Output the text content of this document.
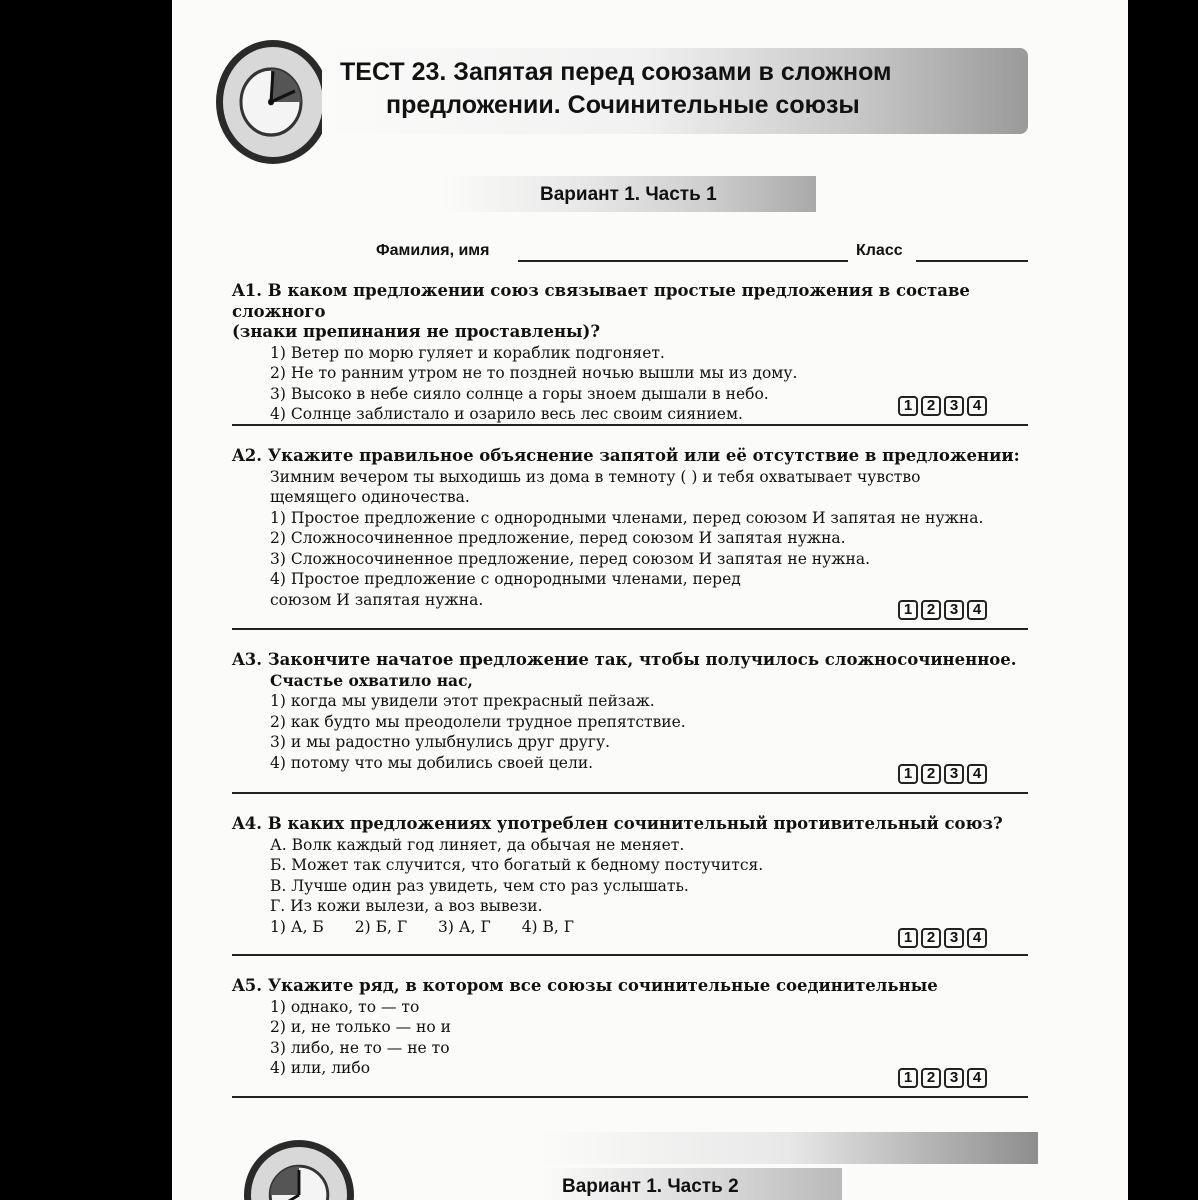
ТЕСТ 23. Запятая перед союзами в сложном
предложении. Сочинительные союзы
Вариант 1. Часть 1
Фамилия, имя	Класс
A1. В каком предложении союз связывает простые предложения в составе сложного
(знаки препинания не проставлены)?
1) Ветер по морю гуляет и кораблик подгоняет.
2) Не то ранним утром не то поздней ночью вышли мы из дому.
3) Высоко в небе сияло солнце а горы зноем дышали в небо.
4) Солнце заблистало и озарило весь лес своим сиянием.	1 2 3 4
A2. Укажите правильное объяснение запятой или её отсутствие в предложении:
Зимним вечером ты выходишь из дома в темноту ( ) и тебя охватывает чувство
щемящего одиночества.
1) Простое предложение с однородными членами, перед союзом И запятая не нужна.
2) Сложносочиненное предложение, перед союзом И запятая нужна.
3) Сложносочиненное предложение, перед союзом И запятая не нужна.
4) Простое предложение с однородными членами, перед
союзом И запятая нужна.
1 2 3 4
A3. Закончите начатое предложение так, чтобы получилось сложносочиненное.
Счастье охватило нас,
1) когда мы увидели этот прекрасный пейзаж.
2) как будто мы преодолели трудное препятствие.
3) и мы радостно улыбнулись друг другу.
4) потому что мы добились своей цели.
1 2 3 4
A4. В каких предложениях употреблен сочинительный противительный союз?
А. Волк каждый год линяет, да обычая не меняет.
Б. Может так случится, что богатый к бедному постучится.
В. Лучше один раз увидеть, чем сто раз услышать.
Г. Из кожи вылези, а воз вывези.
1) А, Б 2) Б, Г 3) А, Г 4) В, Г
1 2 3 4
A5. Укажите ряд, в котором все союзы сочинительные соединительные
1) однако, то — то
2) и, не только — но и
3) либо, не то — не то
4) или, либо
1 2 3 4
Вариант 1. Часть 2
